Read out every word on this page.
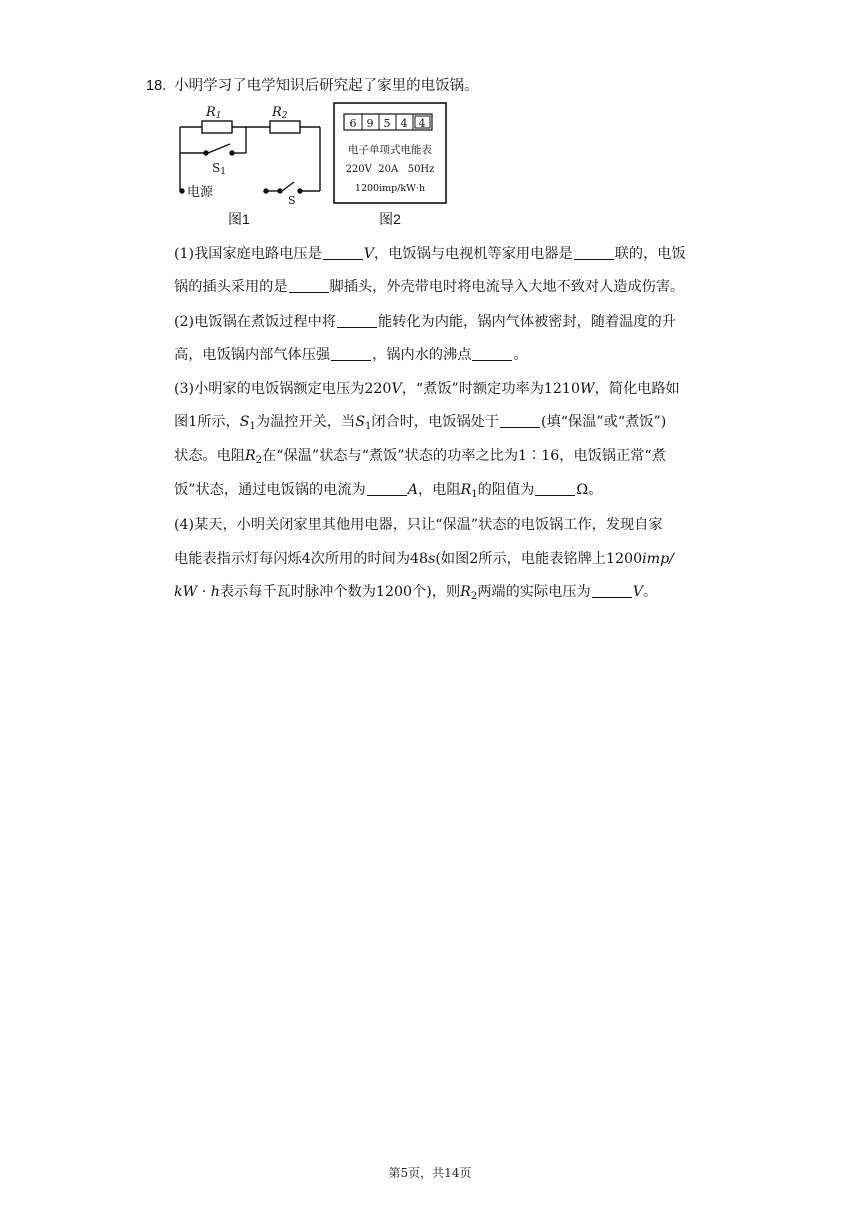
18. 小明学习了电学知识后研究起了家里的电饭锅。
R1	R2
S1
S
电源
图1
6 9 5 4 4
电子单项式电能表
220V  20A   50Hz
1200imp/kW·h
图2
(1)我国家庭电路电压是	V，电饭锅与电视机等家用电器是	联的，电饭
锅的插头采用的是	脚插头，外壳带电时将电流导入大地不致对人造成伤害。
(2)电饭锅在煮饭过程中将	能转化为内能，锅内气体被密封，随着温度的升
高，电饭锅内部气体压强	，锅内水的沸点	。
(3)小明家的电饭锅额定电压为220V，“煮饭”时额定功率为1210W，简化电路如
图1所示，$S_1$为温控开关，当$S_1$闭合时，电饭锅处于	(填“保温”或“煮饭”)
状态。电阻$R_2$在“保温”状态与“煮饭”状态的功率之比为1∶16，电饭锅正常“煮
饭”状态，通过电饭锅的电流为	A，电阻$R_1$的阻值为	Ω。
(4)某天，小明关闭家里其他用电器，只让“保温”状态的电饭锅工作，发现自家
电能表指示灯每闪烁4次所用的时间为48s(如图2所示，电能表铭牌上1200imp/
kW · h表示每千瓦时脉冲个数为1200个)，则$R_2$两端的实际电压为	V。
第5页，共14页
